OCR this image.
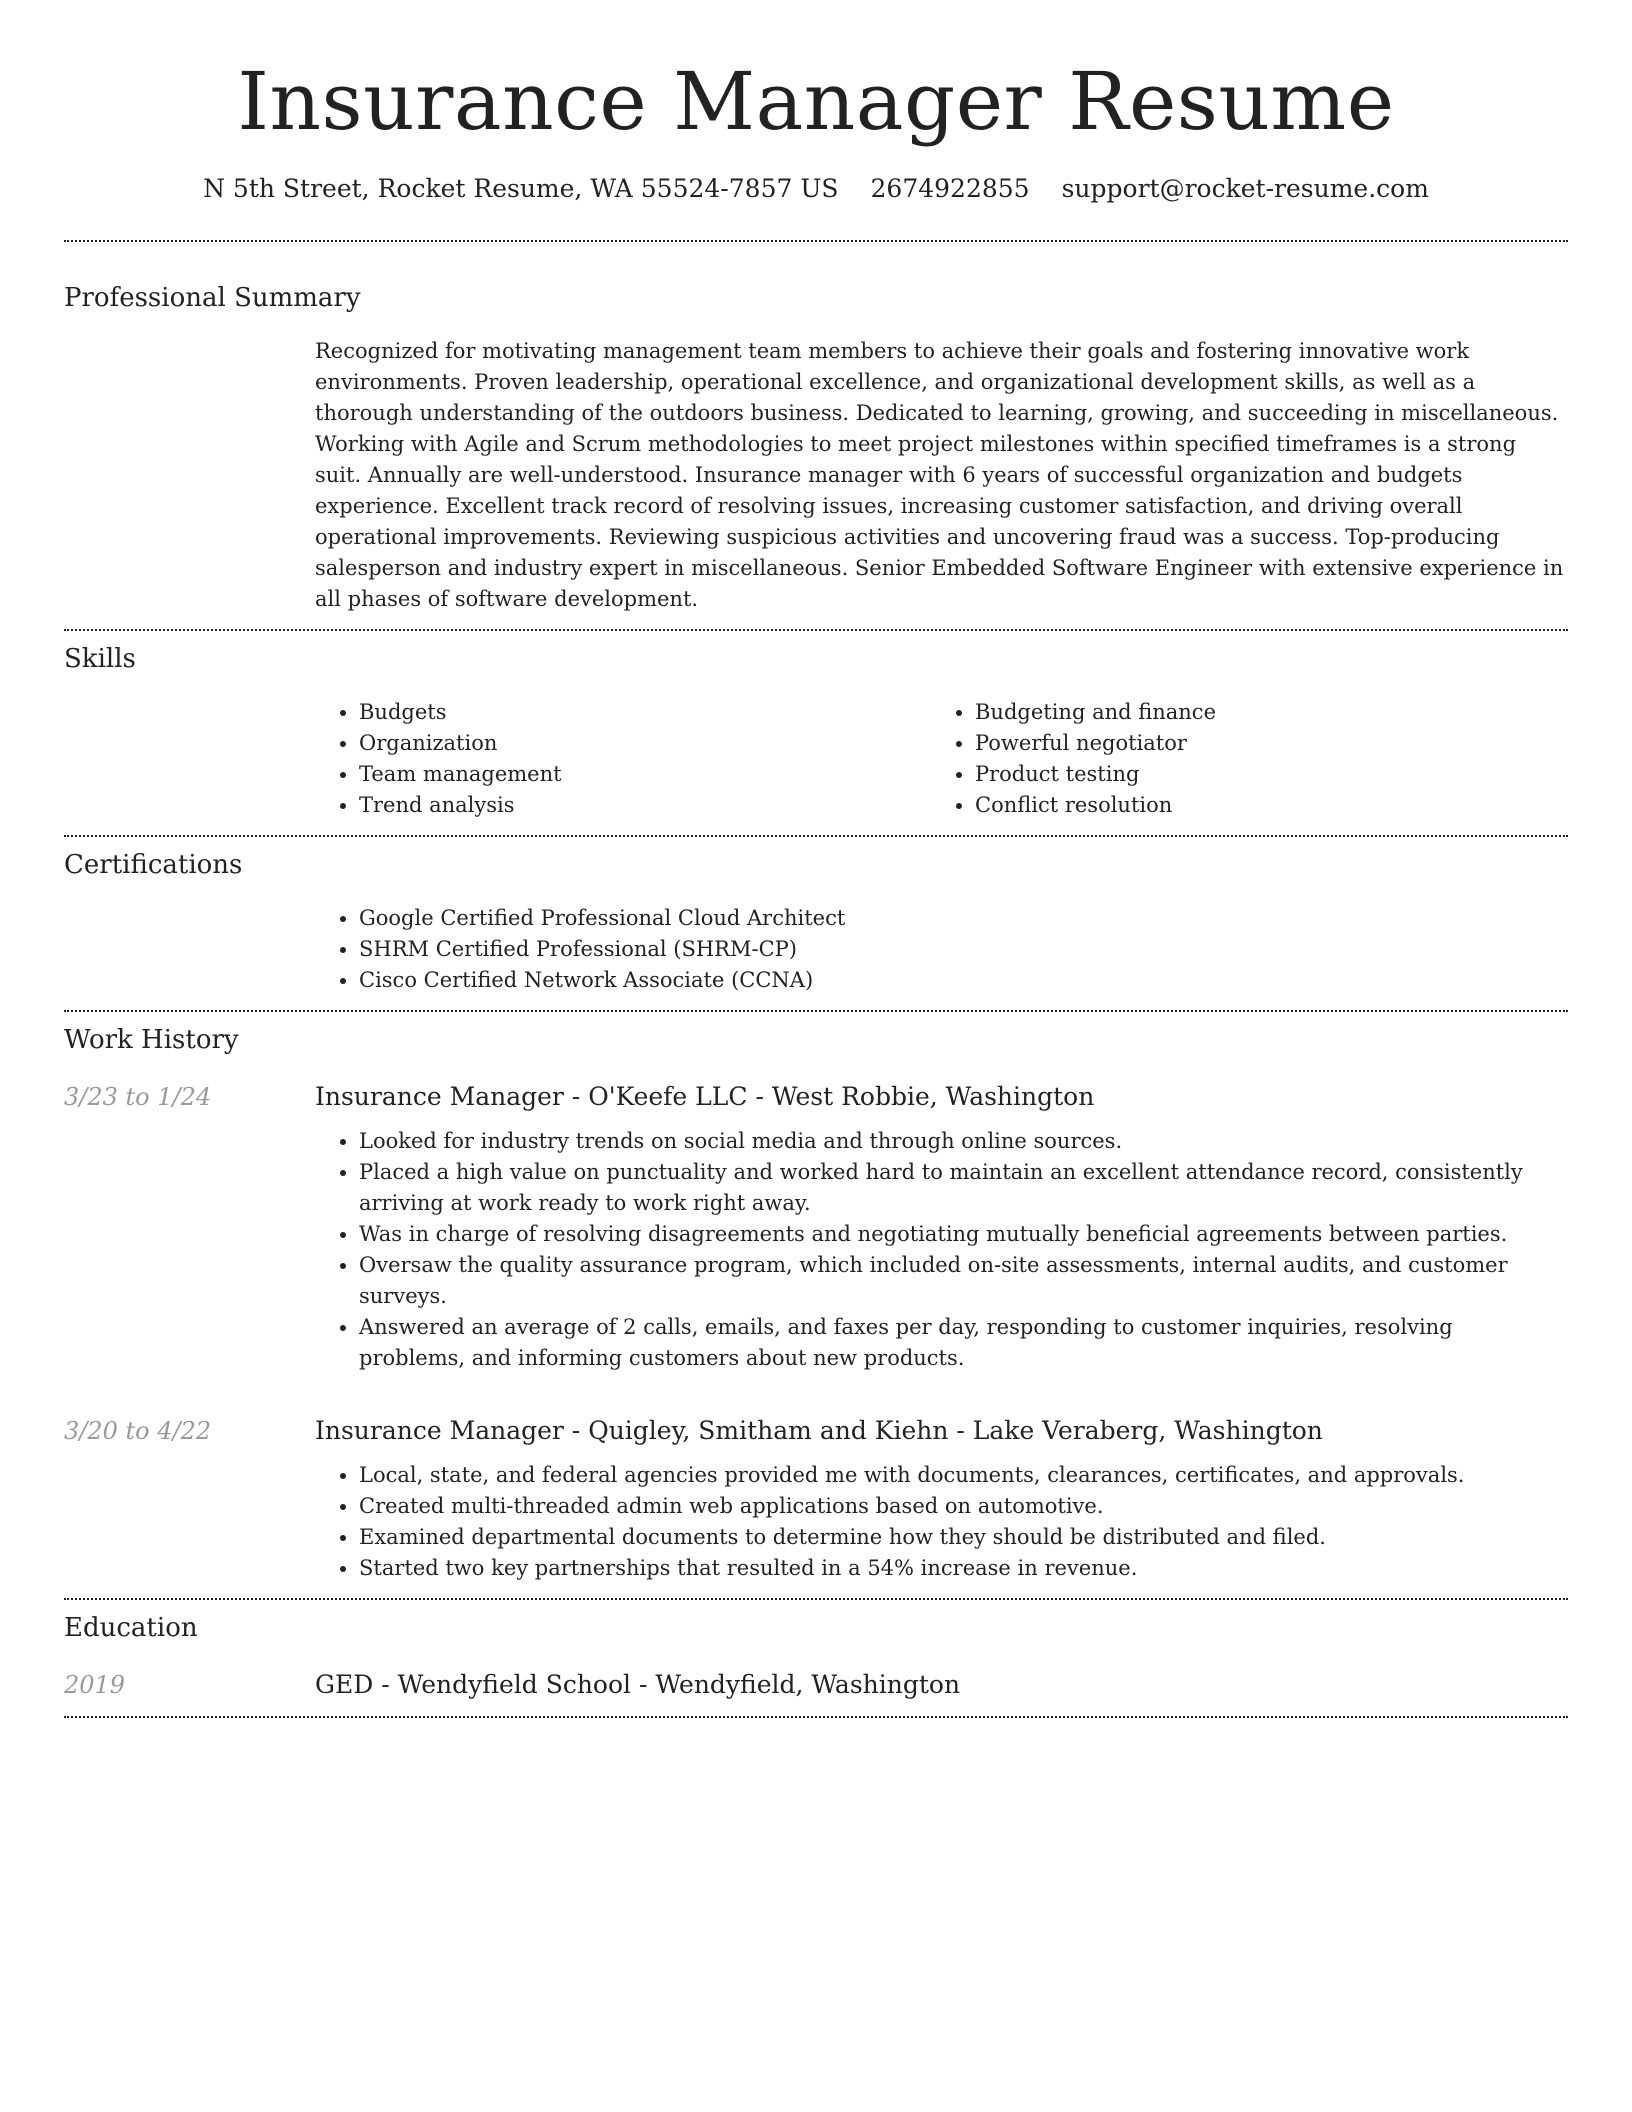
Insurance Manager Resume
N 5th Street, Rocket Resume, WA 55524-7857 US 2674922855 support@rocket-resume.com
Professional Summary
Recognized for motivating management team members to achieve their goals and fostering innovative work environments. Proven leadership, operational excellence, and organizational development skills, as well as a thorough understanding of the outdoors business. Dedicated to learning, growing, and succeeding in miscellaneous. Working with Agile and Scrum methodologies to meet project milestones within specified timeframes is a strong suit. Annually are well-understood. Insurance manager with 6 years of successful organization and budgets experience. Excellent track record of resolving issues, increasing customer satisfaction, and driving overall operational improvements. Reviewing suspicious activities and uncovering fraud was a success. Top-producing salesperson and industry expert in miscellaneous. Senior Embedded Software Engineer with extensive experience in all phases of software development.
Skills
• Budgets
• Organization
• Team management
• Trend analysis
• Budgeting and finance
• Powerful negotiator
• Product testing
• Conflict resolution
Certifications
• Google Certified Professional Cloud Architect
• SHRM Certified Professional (SHRM-CP)
• Cisco Certified Network Associate (CCNA)
Work History
3/23 to 1/24	Insurance Manager - O'Keefe LLC - West Robbie, Washington
• Looked for industry trends on social media and through online sources.
• Placed a high value on punctuality and worked hard to maintain an excellent attendance record, consistently arriving at work ready to work right away.
• Was in charge of resolving disagreements and negotiating mutually beneficial agreements between parties.
• Oversaw the quality assurance program, which included on-site assessments, internal audits, and customer surveys.
• Answered an average of 2 calls, emails, and faxes per day, responding to customer inquiries, resolving problems, and informing customers about new products.
3/20 to 4/22	Insurance Manager - Quigley, Smitham and Kiehn - Lake Veraberg, Washington
• Local, state, and federal agencies provided me with documents, clearances, certificates, and approvals.
• Created multi-threaded admin web applications based on automotive.
• Examined departmental documents to determine how they should be distributed and filed.
• Started two key partnerships that resulted in a 54% increase in revenue.
Education
2019	GED - Wendyfield School - Wendyfield, Washington
